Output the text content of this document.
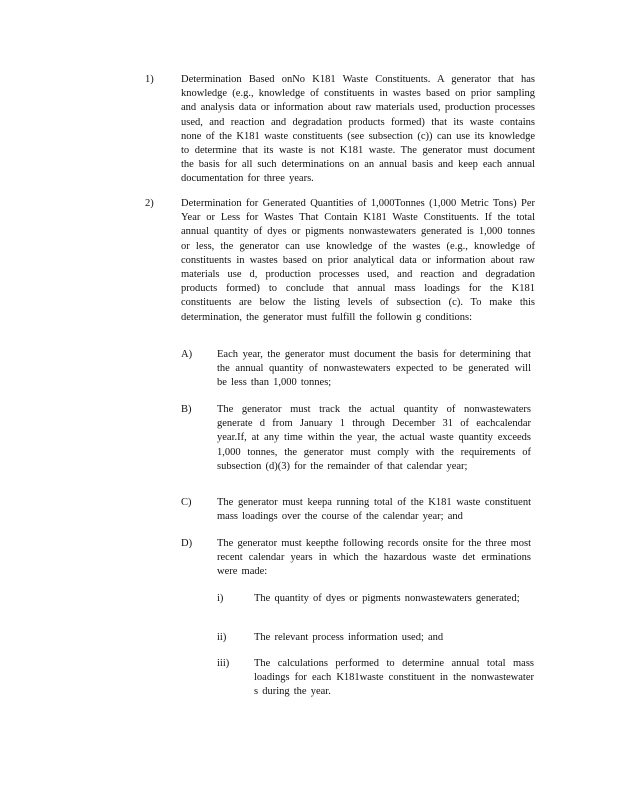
1)	Determination Based onNo K181 Waste Constituents. A generator that has knowledge (e.g., knowledge of constituents in wastes based on prior sampling and analysis data or information about raw materials used, production processes used, and reaction and degradation products formed) that its waste contains none of the K181 waste constituents (see subsection (c)) can use its knowledge to determine that its waste is not K181 waste. The generator must document the basis for all such determinations on an annual basis and keep each annual documentation for three years.
2)	Determination for Generated Quantities of 1,000Tonnes (1,000 Metric Tons) Per Year or Less for Wastes That Contain K181 Waste Constituents. If the total annual quantity of dyes or pigments nonwastewaters generated is 1,000 tonnes or less, the generator can use knowledge of the wastes (e.g., knowledge of constituents in wastes based on prior analytical data or information about raw materials use d, production processes used, and reaction and degradation products formed) to conclude that annual mass loadings for the K181 constituents are below the listing levels of subsection (c). To make this determination, the generator must fulfill the followin g conditions:
A)	Each year, the generator must document the basis for determining that the annual quantity of nonwastewaters expected to be generated will be less than 1,000 tonnes;
B)	The generator must track the actual quantity of nonwastewaters generate d from January 1 through December 31 of eachcalendar year.If, at any time within the year, the actual waste quantity exceeds 1,000 tonnes, the generator must comply with the requirements of subsection (d)(3) for the remainder of that calendar year;
C)	The generator must keepa running total of the K181 waste constituent mass loadings over the course of the calendar year; and
D)	The generator must keepthe following records onsite for the three most recent calendar years in which the hazardous waste det erminations were made:
i)	The quantity of dyes or pigments nonwastewaters generated;
ii)	The relevant process information used; and
iii)	The calculations performed to determine annual total mass loadings for each K181waste constituent in the nonwastewater s during the year.
